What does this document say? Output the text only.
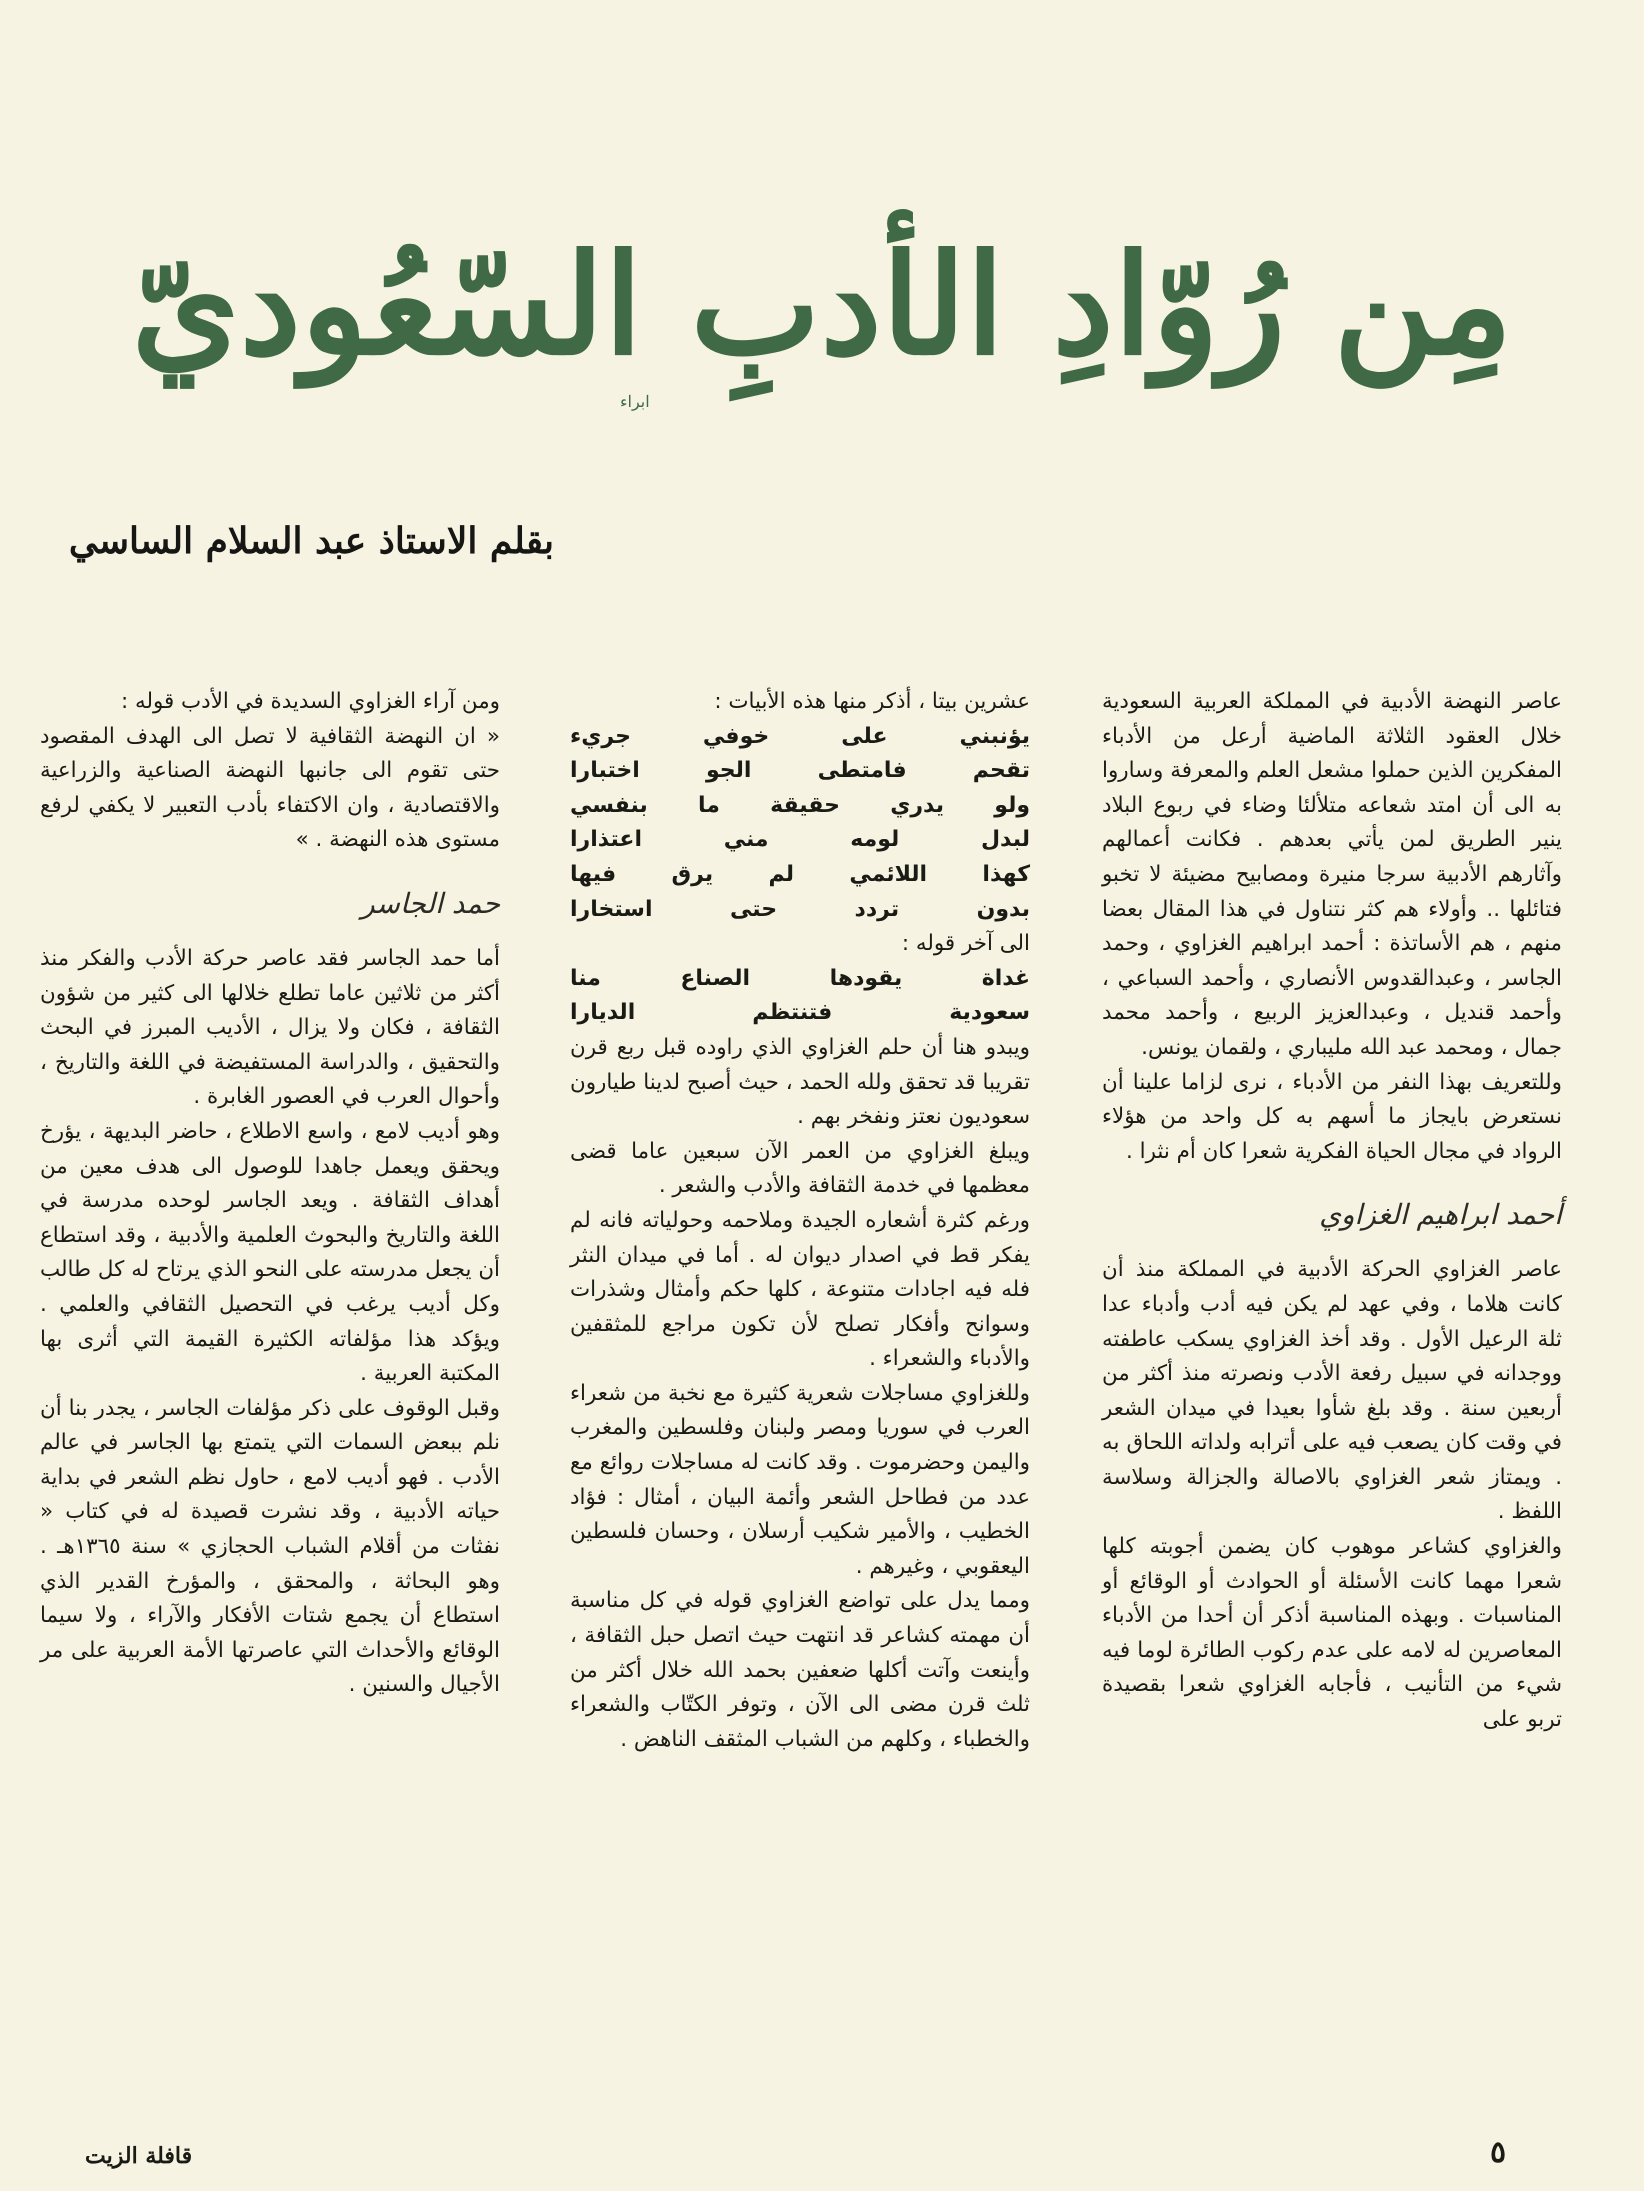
مِن رُوّادِ الأدبِ السّعُوديّ
ابراء
بقلم الاستاذ عبد السلام الساسي

عاصر النهضة الأدبية في المملكة العربية السعودية خلال العقود الثلاثة الماضية أرعل من الأدباء المفكرين الذين حملوا مشعل العلم والمعرفة وساروا به الى أن امتد شعاعه متلألئا وضاء في ربوع البلاد ينير الطريق لمن يأتي بعدهم . فكانت أعمالهم وآثارهم الأدبية سرجا منيرة ومصابيح مضيئة لا تخبو فتائلها .. وأولاء هم كثر نتناول في هذا المقال بعضا منهم ، هم الأساتذة : أحمد ابراهيم الغزاوي ، وحمد الجاسر ، وعبدالقدوس الأنصاري ، وأحمد السباعي ، وأحمد قنديل ، وعبدالعزيز الربيع ، وأحمد محمد جمال ، ومحمد عبد الله مليباري ، ولقمان يونس.

وللتعريف بهذا النفر من الأدباء ، نرى لزاما علينا أن نستعرض بايجاز ما أسهم به كل واحد من هؤلاء الرواد في مجال الحياة الفكرية شعرا كان أم نثرا .

أحمد ابراهيم الغزاوي

عاصر الغزاوي الحركة الأدبية في المملكة منذ أن كانت هلاما ، وفي عهد لم يكن فيه أدب وأدباء عدا ثلة الرعيل الأول . وقد أخذ الغزاوي يسكب عاطفته ووجدانه في سبيل رفعة الأدب ونصرته منذ أكثر من أربعين سنة . وقد بلغ شأوا بعيدا في ميدان الشعر في وقت كان يصعب فيه على أترابه ولداته اللحاق به . ويمتاز شعر الغزاوي بالاصالة والجزالة وسلاسة اللفظ .

والغزاوي كشاعر موهوب كان يضمن أجوبته كلها شعرا مهما كانت الأسئلة أو الحوادث أو الوقائع أو المناسبات . وبهذه المناسبة أذكر أن أحدا من الأدباء المعاصرين له لامه على عدم ركوب الطائرة لوما فيه شيء من التأنيب ، فأجابه الغزاوي شعرا بقصيدة تربو على

عشرين بيتا ، أذكر منها هذه الأبيات :

يؤنبني على خوفي جريء

تقحم فامتطى الجو اختبارا

ولو يدري حقيقة ما بنفسي

لبدل لومه مني اعتذارا

كهذا اللائمي لم يرق فيها

بدون تردد حتى استخارا

الى آخر قوله :

غداة يقودها الصناع منا

سعودية فتنتظم الديارا

ويبدو هنا أن حلم الغزاوي الذي راوده قبل ربع قرن تقريبا قد تحقق ولله الحمد ، حيث أصبح لدينا طيارون سعوديون نعتز ونفخر بهم .

ويبلغ الغزاوي من العمر الآن سبعين عاما قضى معظمها في خدمة الثقافة والأدب والشعر .

ورغم كثرة أشعاره الجيدة وملاحمه وحولياته فانه لم يفكر قط في اصدار ديوان له . أما في ميدان النثر فله فيه اجادات متنوعة ، كلها حكم وأمثال وشذرات وسوانح وأفكار تصلح لأن تكون مراجع للمثقفين والأدباء والشعراء .

وللغزاوي مساجلات شعرية كثيرة مع نخبة من شعراء العرب في سوريا ومصر ولبنان وفلسطين والمغرب واليمن وحضرموت . وقد كانت له مساجلات روائع مع عدد من فطاحل الشعر وأئمة البيان ، أمثال : فؤاد الخطيب ، والأمير شكيب أرسلان ، وحسان فلسطين اليعقوبي ، وغيرهم .

ومما يدل على تواضع الغزاوي قوله في كل مناسبة أن مهمته كشاعر قد انتهت حيث اتصل حبل الثقافة ، وأينعت وآتت أكلها ضعفين بحمد الله خلال أكثر من ثلث قرن مضى الى الآن ، وتوفر الكتّاب والشعراء والخطباء ، وكلهم من الشباب المثقف الناهض .

ومن آراء الغزاوي السديدة في الأدب قوله :

« ان النهضة الثقافية لا تصل الى الهدف المقصود حتى تقوم الى جانبها النهضة الصناعية والزراعية والاقتصادية ، وان الاكتفاء بأدب التعبير لا يكفي لرفع مستوى هذه النهضة . »

حمد الجاسر

أما حمد الجاسر فقد عاصر حركة الأدب والفكر منذ أكثر من ثلاثين عاما تطلع خلالها الى كثير من شؤون الثقافة ، فكان ولا يزال ، الأديب المبرز في البحث والتحقيق ، والدراسة المستفيضة في اللغة والتاريخ ، وأحوال العرب في العصور الغابرة .

وهو أديب لامع ، واسع الاطلاع ، حاضر البديهة ، يؤرخ ويحقق ويعمل جاهدا للوصول الى هدف معين من أهداف الثقافة . ويعد الجاسر لوحده مدرسة في اللغة والتاريخ والبحوث العلمية والأدبية ، وقد استطاع أن يجعل مدرسته على النحو الذي يرتاح له كل طالب وكل أديب يرغب في التحصيل الثقافي والعلمي . ويؤكد هذا مؤلفاته الكثيرة القيمة التي أثرى بها المكتبة العربية .

وقبل الوقوف على ذكر مؤلفات الجاسر ، يجدر بنا أن نلم ببعض السمات التي يتمتع بها الجاسر في عالم الأدب . فهو أديب لامع ، حاول نظم الشعر في بداية حياته الأدبية ، وقد نشرت قصيدة له في كتاب « نفثات من أقلام الشباب الحجازي » سنة ١٣٦٥هـ . وهو البحاثة ، والمحقق ، والمؤرخ القدير الذي استطاع أن يجمع شتات الأفكار والآراء ، ولا سيما الوقائع والأحداث التي عاصرتها الأمة العربية على مر الأجيال والسنين .

٥
قافلة الزيت
